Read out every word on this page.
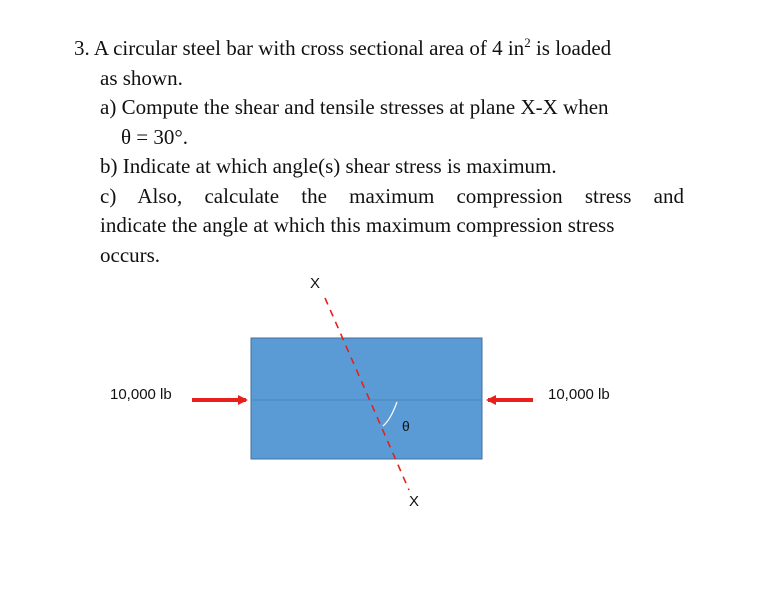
3. A circular steel bar with cross sectional area of 4 $in^2$ is loaded
as shown.
a) Compute the shear and tensile stresses at plane X-X when
θ = 30°.
b) Indicate at which angle(s) shear stress is maximum.
c) Also, calculate the maximum compression stress and
indicate the angle at which this maximum compression stress
occurs.
10,000 lb	10,000 lb
X
X
θ
